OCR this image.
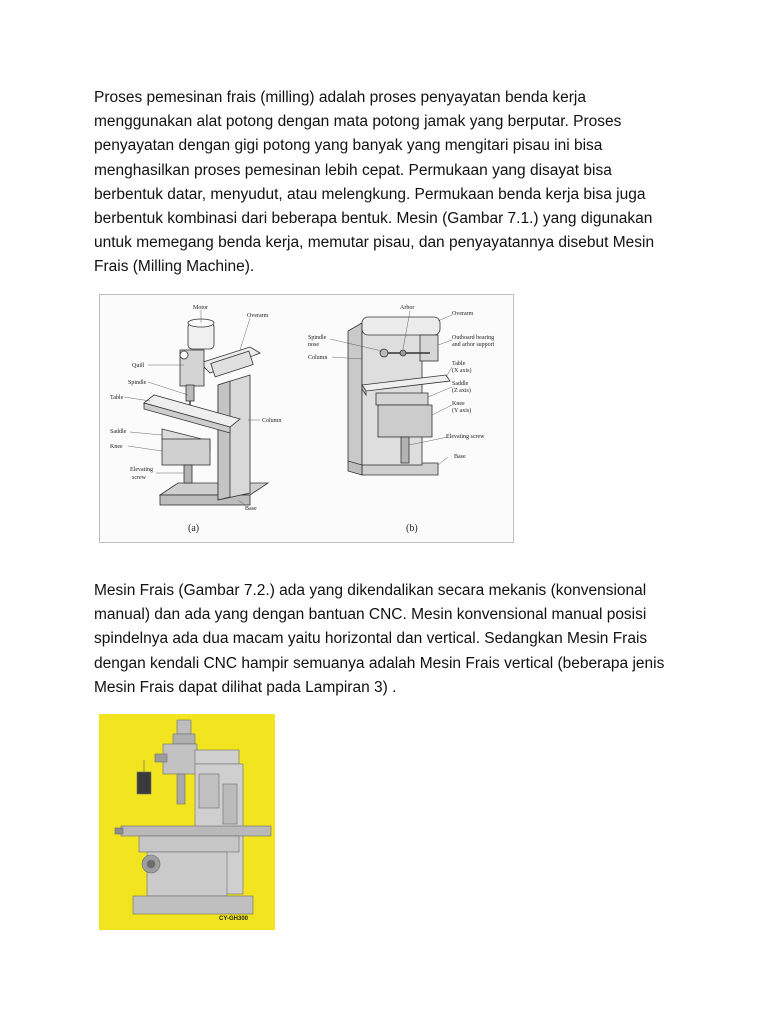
Proses pemesinan frais (milling) adalah proses penyayatan benda kerja menggunakan alat potong dengan mata potong jamak yang berputar. Proses penyayatan dengan gigi potong yang banyak yang mengitari pisau ini bisa menghasilkan proses pemesinan lebih cepat. Permukaan yang disayat bisa berbentuk datar, menyudut, atau melengkung. Permukaan benda kerja bisa juga berbentuk kombinasi dari beberapa bentuk. Mesin (Gambar 7.1.) yang digunakan untuk memegang benda kerja, memutar pisau, dan penyayatannya disebut Mesin Frais (Milling Machine).

Motor
Overarm
Quill
Spindle
Table
Saddle
Knee
Elevating
screw
Column
Base
(a)
Arbor
Overarm
Spindle
nose
Column
Outboard bearing
and arbor support
Table
(X axis)
Saddle
(Z axis)
Knee
(Y axis)
Elevating screw
Base
(b)

Mesin Frais (Gambar 7.2.) ada yang dikendalikan secara mekanis (konvensional manual) dan ada yang dengan bantuan CNC. Mesin konvensional manual posisi spindelnya ada dua macam yaitu horizontal dan vertical. Sedangkan Mesin Frais dengan kendali CNC hampir semuanya adalah Mesin Frais vertical (beberapa jenis Mesin Frais dapat dilihat pada Lampiran 3) .

CY-GH300
